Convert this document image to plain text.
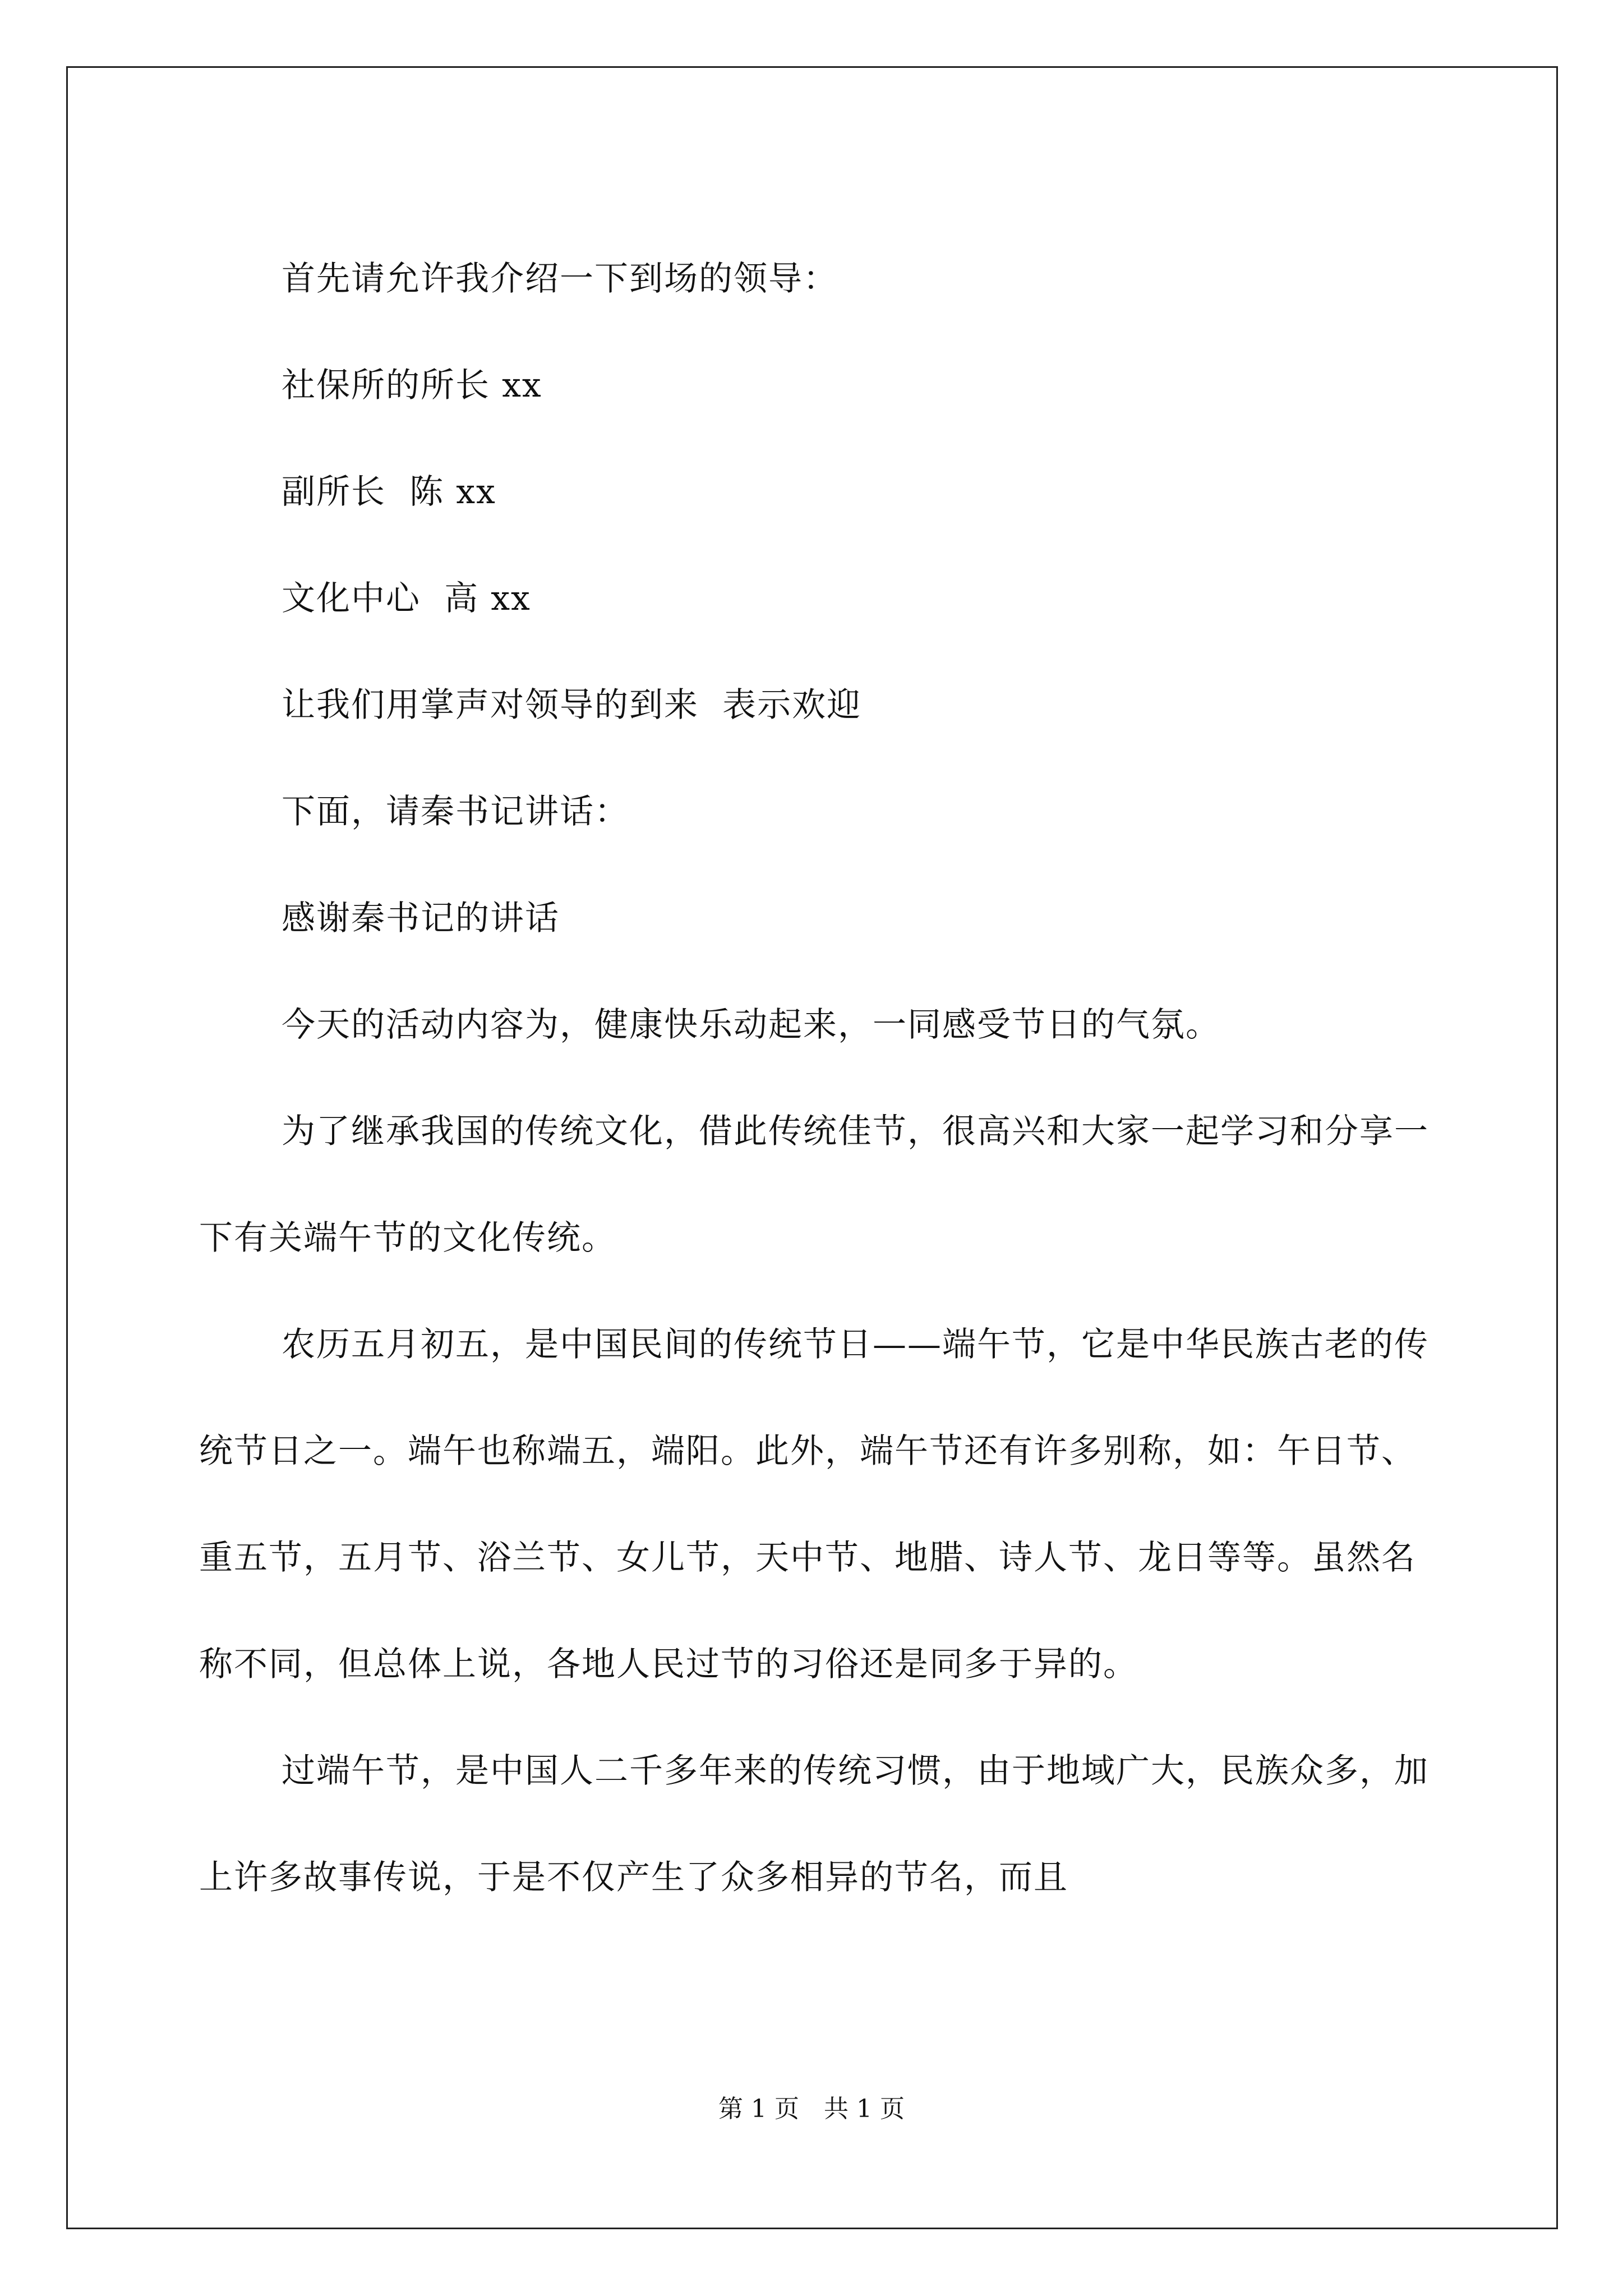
首先请允许我介绍一下到场的领导：

社保所的所长 xx

副所长  陈 xx

文化中心  高 xx

让我们用掌声对领导的到来  表示欢迎

下面，请秦书记讲话：

感谢秦书记的讲话

今天的活动内容为，健康快乐动起来，一同感受节日的气氛。

为了继承我国的传统文化，借此传统佳节，很高兴和大家一起学习和分享一下有关端午节的文化传统。

农历五月初五，是中国民间的传统节日——端午节，它是中华民族古老的传统节日之一。端午也称端五，端阳。此外，端午节还有许多别称，如：午日节、重五节，五月节、浴兰节、女儿节，天中节、地腊、诗人节、龙日等等。虽然名称不同，但总体上说，各地人民过节的习俗还是同多于异的。

过端午节，是中国人二千多年来的传统习惯，由于地域广大，民族众多，加上许多故事传说，于是不仅产生了众多相异的节名，而且

第 1 页　共 1 页
